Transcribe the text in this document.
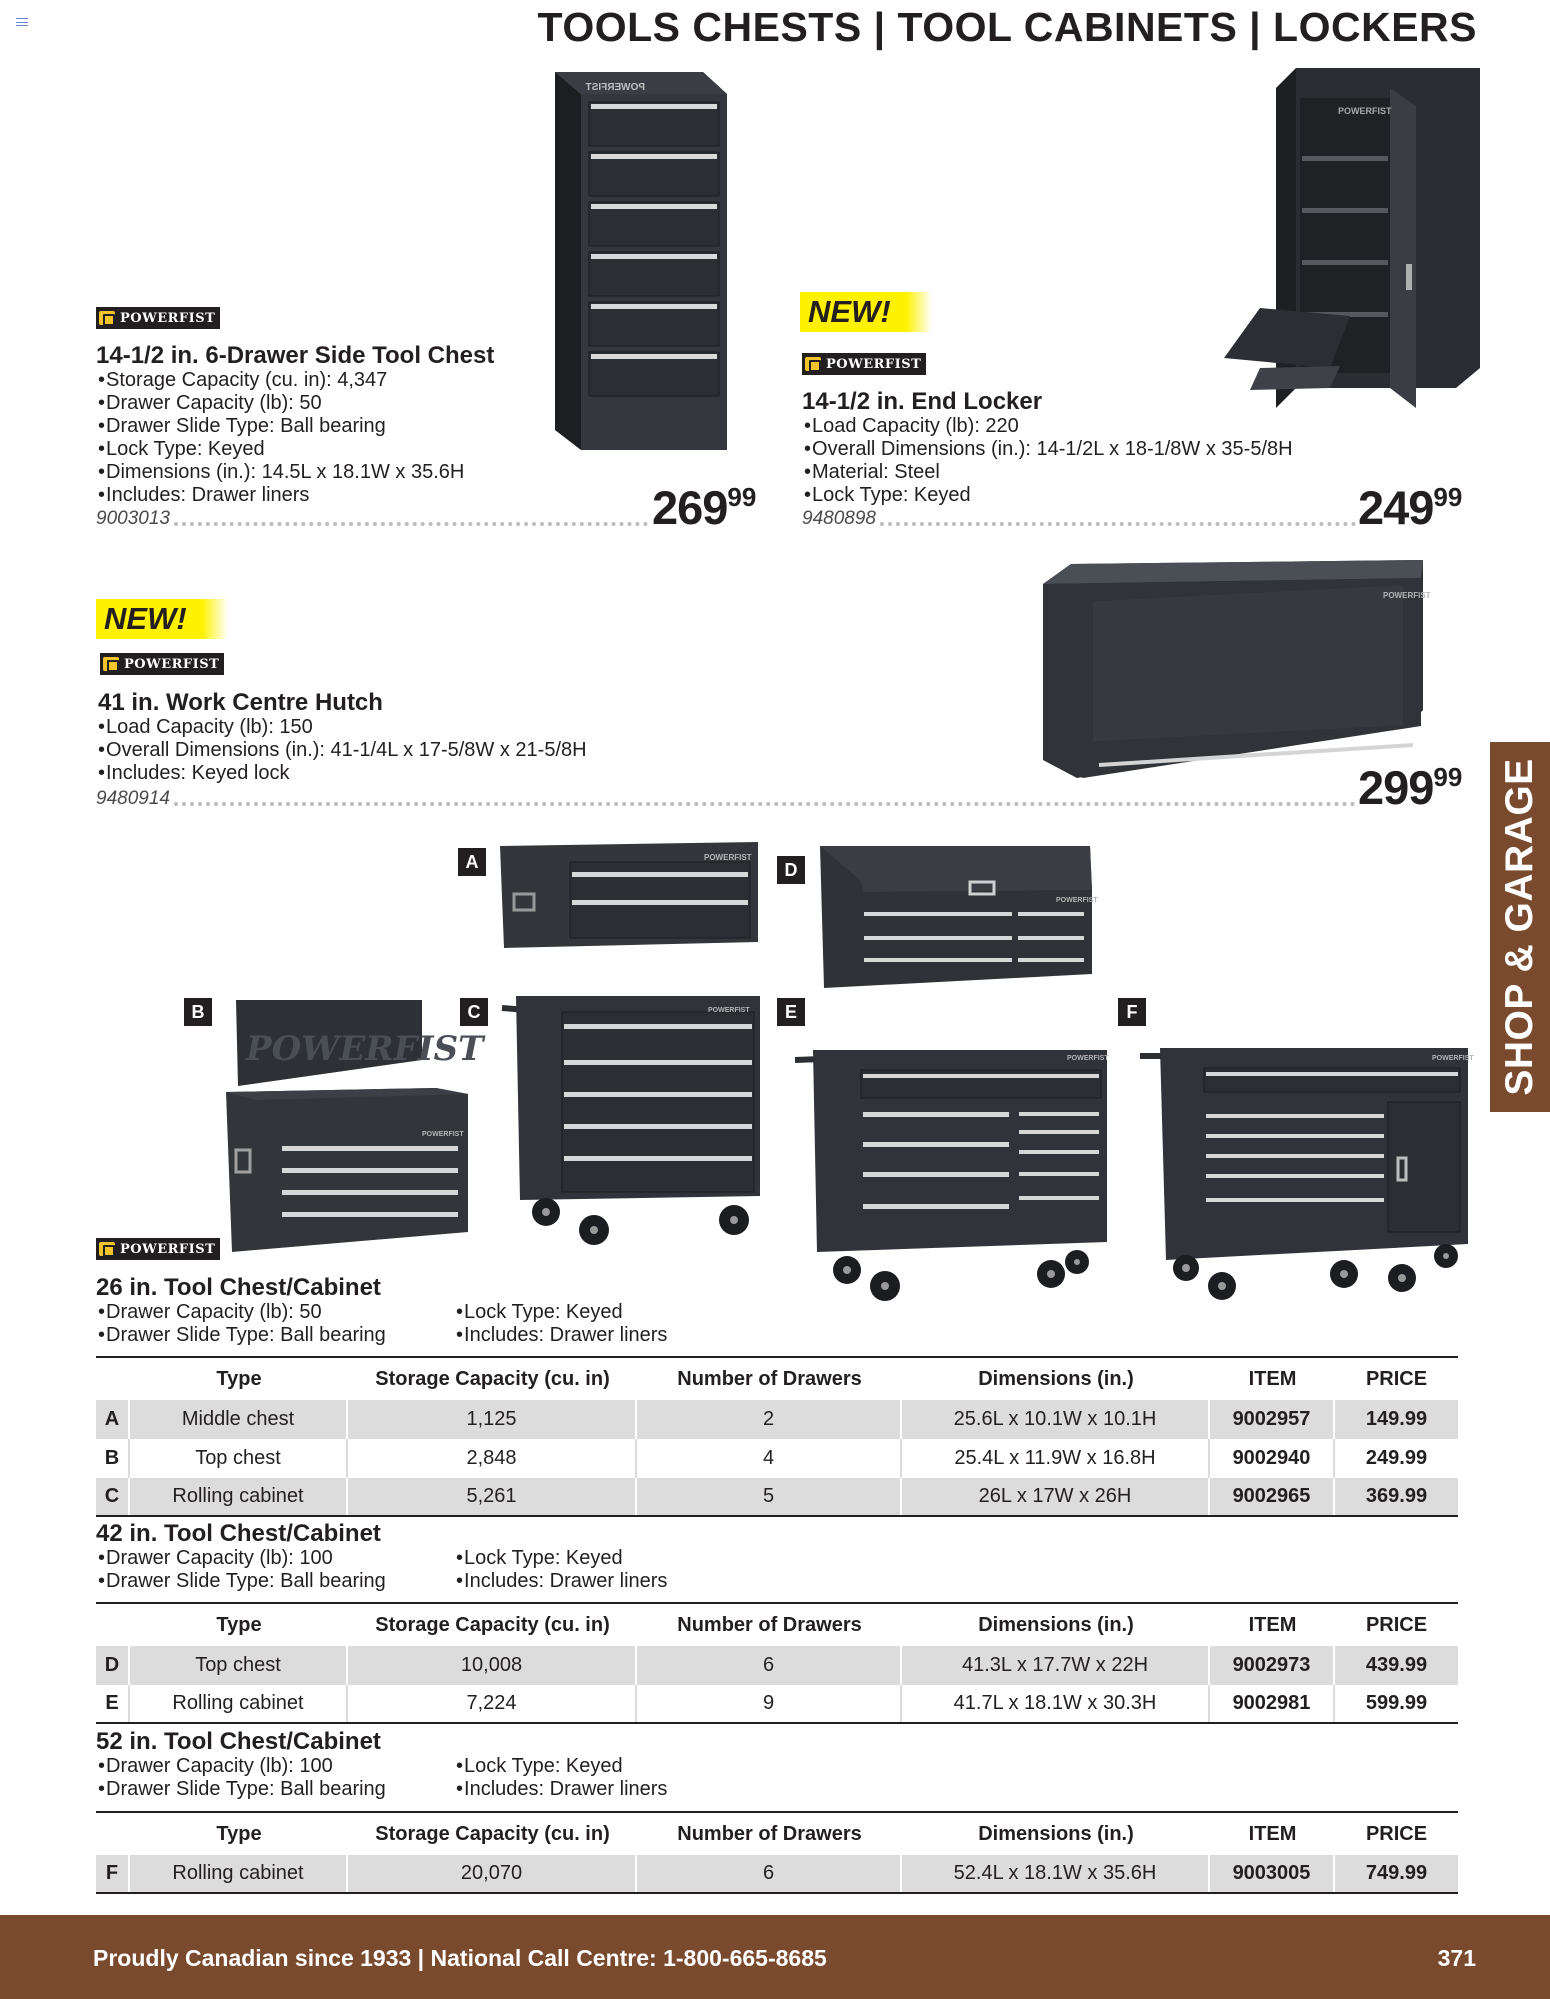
TOOLS CHESTS | TOOL CABINETS | LOCKERS
POWERFIST
POWERFIST
14-1/2 in. 6-Drawer Side Tool Chest
• Storage Capacity (cu. in): 4,347
• Drawer Capacity (lb): 50
• Drawer Slide Type: Ball bearing
• Lock Type: Keyed
• Dimensions (in.): 14.5L x 18.1W x 35.6H
• Includes: Drawer liners
9003013	26999
POWERFIST
NEW!
POWERFIST
14-1/2 in. End Locker
• Load Capacity (lb): 220
• Overall Dimensions (in.): 14-1/2L x 18-1/8W x 35-5/8H
• Material: Steel
• Lock Type: Keyed
9480898	24999
POWERFIST
NEW!
POWERFIST
41 in. Work Centre Hutch
• Load Capacity (lb): 150
• Overall Dimensions (in.): 41-1/4L x 17-5/8W x 21-5/8H
• Includes: Keyed lock
9480914	29999 SHOP & GARAGE
A	POWERFIST
D
POWERFIST
B
POWERFIST
POWERFIST
C	POWERFIST	E
POWERFIST
F
POWERFIST
POWERFIST
26 in. Tool Chest/Cabinet
• Drawer Capacity (lb): 50	• Lock Type: Keyed
• Drawer Slide Type: Ball bearing	• Includes: Drawer liners
Type	Storage Capacity (cu. in)	Number of Drawers	Dimensions (in.)	ITEM	PRICE
A	Middle chest	1,125	2	25.6L x 10.1W x 10.1H	9002957	149.99
B	Top chest	2,848	4	25.4L x 11.9W x 16.8H	9002940	249.99
C	Rolling cabinet	5,261	5	26L x 17W x 26H	9002965	369.99
42 in. Tool Chest/Cabinet
• Drawer Capacity (lb): 100	• Lock Type: Keyed
• Drawer Slide Type: Ball bearing	• Includes: Drawer liners
Type	Storage Capacity (cu. in)	Number of Drawers	Dimensions (in.)	ITEM	PRICE
D	Top chest	10,008	6	41.3L x 17.7W x 22H	9002973	439.99
E	Rolling cabinet	7,224	9	41.7L x 18.1W x 30.3H	9002981	599.99
52 in. Tool Chest/Cabinet
• Drawer Capacity (lb): 100	• Lock Type: Keyed
• Drawer Slide Type: Ball bearing	• Includes: Drawer liners
Type	Storage Capacity (cu. in)	Number of Drawers	Dimensions (in.)	ITEM	PRICE
F	Rolling cabinet	20,070	6	52.4L x 18.1W x 35.6H	9003005	749.99
Proudly Canadian since 1933 | National Call Centre: 1-800-665-8685	371
